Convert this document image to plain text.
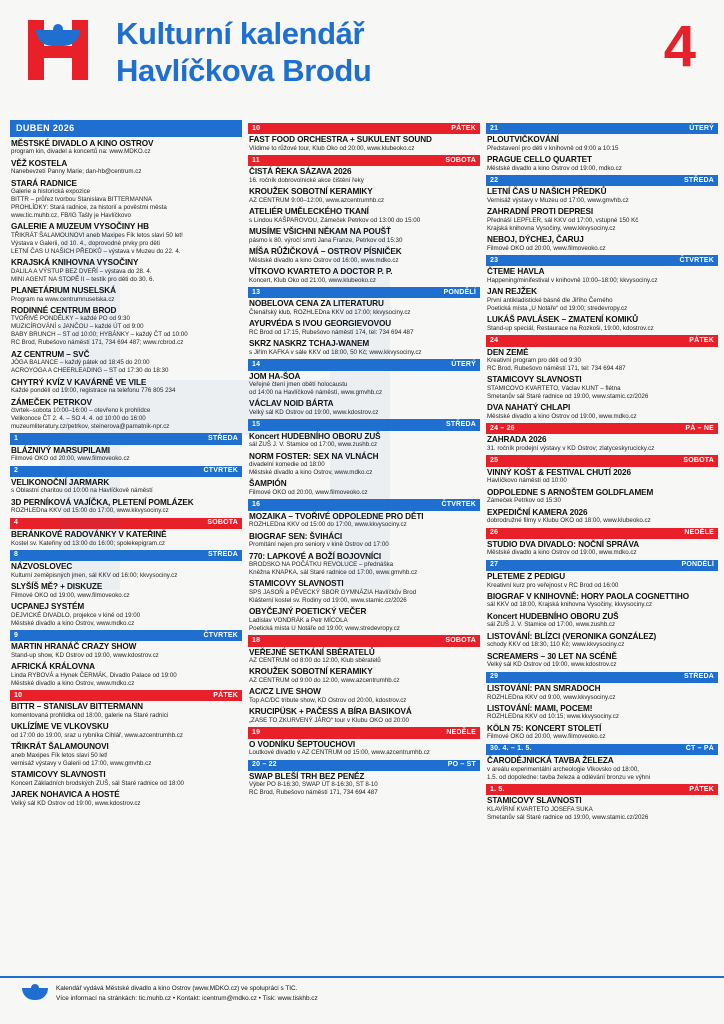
Kulturní kalendář
Havlíčkova Brodu	4
DUBEN 2026
MĚSTSKÉ DIVADLO A KINO OSTROV

program kin, divadel a koncertů na: www.MDKO.cz

VĚŽ KOSTELA

Nanebevzetí Panny Marie; dan-hb@centrum.cz

STARÁ RADNICE

Galerie a historická expozice

BITTR – průřez tvorbou Stanislava BITTERMANNA

PROHLÍDKY: Stará radnice, za historií a pověstmi města

www.tic.muhb.cz, FB/IG Tašly je Havlíčkovo

GALERIE A MUZEUM VYSOČINY HB

TŘIKRÁT ŠALAMOUNOVI aneb Maxipes Fík letos slaví 50 let!

Výstava v Galerii, od 10. 4., doprovodné prvky pro děti

LETNÍ ČAS U NAŠICH PŘEDKŮ – výstava v Muzeu do 22. 4.

KRAJSKÁ KNIHOVNA VYSOČINY

DALILA A VÝSTUP BEZ DVEŘÍ – výstava do 28. 4.

MINI AGENT NA STOPĚ II – testík pro děti do 30. 6.

PLANETÁRIUM NUSELSKÁ

Program na www.centrumnuselska.cz

RODINNÉ CENTRUM BROD

TVOŘIVÉ PONDĚLKY – každé PO od 9:30

MUZICÍROVÁNÍ s JANČOU – každé ÚT od 9:00

BABY BRUNCH – ST od 10:00; HYBÁNKY – každý ČT od 10:00

RC Brod, Rubešovo náměstí 171, 734 694 487; www.rcbrod.cz

AZ CENTRUM – SVČ

JÓGA BALANCE – každý pátek od 18:45 do 20:00

ACROYOGA A CHEERLEADING – ST od 17:30 do 18:30

CHYTRÝ KVÍZ V KAVÁRNĚ VE VILE

Každé pondělí od 19:00, registrace na telefonu 776 805 234

ZÁMEČEK PETRKOV

čtvrtek–sobota 10:00–16:00 – otevřeno k prohlídce

Velikonoce ČT 2. 4. – SO 4. 4. od 10:00 do 16:00

muzeumliteratury.cz/petrkov, steinerova@pamatnik-npr.cz

1	STŘEDA
BLÁZNIVÝ MARSUPILAMI

Filmové OKO od 20:00, www.filmoveoko.cz

2	ČTVRTEK
VELIKONOČNÍ JARMARK

s Oblastní charitou od 10:00 na Havlíčkově náměstí

3D PERNÍKOVÁ VAJÍČKA, PLETENÍ POMLÁZEK

ROZHLEDna KKV od 15:00 do 17:00, www.kkvysociny.cz

4	SOBOTA
BERÁNKOVÉ RADOVÁNKY V KATEŘINĚ

Kostel sv. Kateřiny od 13:00 do 16:00; spolekepigram.cz

8	STŘEDA
NÁZVOSLOVEC

Kulturní zeměpisných jmen, sál KKV od 16:00; kkvysociny.cz

SLYŠÍŠ MĚ? + DISKUZE

Filmové OKO od 19:00, www.filmoveoko.cz

UCPANEJ SYSTÉM

DEJVICKÉ DIVADLO, projekce v kině od 19:00

Městské divadlo a kino Ostrov, www.mdko.cz

9	ČTVRTEK
MARTIN HRANÁČ CRAZY SHOW

Stand-up show, KD Ostrov od 19:00, www.kdostrov.cz

AFRICKÁ KRÁLOVNA

Linda RYBOVÁ a Hynek ČERMÁK, Divadlo Palace od 19:00

Městské divadlo a kino Ostrov, www.mdko.cz

10	PÁTEK
BITTR – STANISLAV BITTERMANN

komentovaná prohlídka od 18:00, galerie na Staré radnici

UKLÍZÍME VE VLKOVSKU

od 17:00 do 19:00, sraz u rybníka Cihlář, www.azcentrumhb.cz

TŘIKRÁT ŠALAMOUNOVI

aneb Maxipes Fík letos slaví 50 let!

vernisáž výstavy v Galerii od 17:00, www.gmvhb.cz

STAMICOVY SLAVNOSTI

Koncert Základních brodských ZUŠ, sál Staré radnice od 18:00

JAREK NOHAVICA A HOSTÉ

Velký sál KD Ostrov od 19:00, www.kdostrov.cz

10	PÁTEK
FAST FOOD ORCHESTRA + SUKULENT SOUND

Vlídime to růžové tour, Klub Oko od 20:00, www.klubeoko.cz

11	SOBOTA
ČISTÁ ŘEKA SÁZAVA 2026

16. ročník dobrovolnické akce čištění řeky

KROUŽEK SOBOTNÍ KERAMIKY

AZ CENTRUM 9:00–12:00, www.azcentrumhb.cz

ATELIÉR UMĚLECKÉHO TKANÍ

s Lindou KAŠPAROVOU, Zámeček Petrkov od 13:00 do 15:00

MUSÍME VŠICHNI NĚKAM NA POUŠŤ

pásmo k 80. výročí smrti Jana Franze, Petrkov od 15:30

MÍŠA RŮŽIČKOVÁ – OSTROV PÍSNIČEK

Městské divadlo a kino Ostrov od 16:00, www.mdko.cz

VÍTKOVO KVARTETO A DOCTOR P. P.

Koncert, Klub Oko od 21:00, www.klubeoko.cz

13	PONDĚLÍ
NOBELOVA CENA ZA LITERATURU

Čtenářský klub, ROZHLEDna KKV od 17:00; kkvysociny.cz

AYURVÉDA S IVOU GEORGIEVOVOU

RC Brod od 17:15, Rubešovo náměstí 174, tel: 734 694 487

SKRZ NASKRZ TCHAJ-WANEM

s Jiřím KAFKA v sále KKV od 18:00, 50 Kč; www.kkvysociny.cz

14	ÚTERÝ
JOM HA-ŠOA

Veřejné čtení jmen obětí holocaustu

od 14:00 na Havlíčkově náměstí, www.gmvhb.cz

VÁCLAV NOID BÁRTA

Velký sál KD Ostrov od 19:00, www.kdostrov.cz

15	STŘEDA
Koncert HUDEBNÍHO OBORU ZUŠ

sál ZUŠ J. V. Stamice od 17:00, www.zushb.cz

NORM FOSTER: SEX NA VLNÁCH

divadelní komedie od 18:00

Městské divadlo a kino Ostrov, www.mdko.cz

ŠAMPIÓN

Filmové OKO od 20:00, www.filmoveoko.cz

16	ČTVRTEK
MOZAIKA – TVOŘIVÉ ODPOLEDNE PRO DĚTI

ROZHLEDna KKV od 15:00 do 17:00, www.kkvysociny.cz

BIOGRAF SEN: ŠVIHÁCI

Promítání nejen pro seniory v kině Ostrov od 17:00

770: LAPKOVÉ A BOŽÍ BOJOVNÍCI

BRODSKO NA POČÁTKU REVOLUCE – přednáška

Kněžna KNAPKA, sál Staré radnice od 17:00, www.gmvhb.cz

STAMICOVY SLAVNOSTI

SPS JASOŇ a PĚVECKÝ SBOR GYMNÁZIA Havlíčkův Brod

Klášterní kostel sv. Rodiny od 19:00, www.stamic.cz/2026

OBYČEJNÝ POETICKÝ VEČER

Ladislav VONDRÁK a Petr MÍCOLA

Poetická místa U Notáře od 19:00; www.stredevropy.cz

18	SOBOTA
VEŘEJNÉ SETKÁNÍ SBĚRATELŮ

AZ CENTRUM od 8:00 do 12:00, Klub sběratelů

KROUŽEK SOBOTNÍ KERAMIKY

AZ CENTRUM od 9:00 do 12:00, www.azcentrumhb.cz

AC/CZ LIVE SHOW

Top AC/DC tribute show, KD Ostrov od 20:00, kdostrov.cz

KRUCIPÜSK + PAČESS A BÍRA BASIKOVÁ

„ZASE TO ZKURVENÝ JÁRO“ tour v Klubu OKO od 20:00

19	NEDĚLE
O VODNÍKU ŠEPTOUCHOVI

Loutkové divadlo v AZ CENTRUM od 15:00, www.azcentrumhb.cz

20 – 22	PO – ST
SWAP BLEŠÍ TRH BEZ PENĚZ

Výběr PO 8-16:30, SWAP ÚT 8-16:30, ST 8-10

RC Brod, Rubešovo náměstí 171, 734 694 487

21	ÚTERÝ
PLOUTVIČKOVÁNÍ

Představení pro děti v knihovně od 9:00 a 10:15

PRAGUE CELLO QUARTET

Městské divadlo a kino Ostrov od 19:00, mdko.cz

22	STŘEDA
LETNÍ ČAS U NAŠICH PŘEDKŮ

Vernisáž výstavy v Muzeu od 17:00, www.gmvhb.cz

ZAHRADNÍ PROTI DEPRESI

Přednáší LEPFLER, sál KKV od 17:00, vstupné 150 Kč

Krajská knihovna Vysočiny, www.kkvysociny.cz

NEBOJ, DÝCHEJ, ČARUJ

Filmové OKO od 20:00, www.filmoveoko.cz

23	ČTVRTEK
ČTEME HAVLA

Happening/minifestival v knihovně 10:00–18:00; kkvysociny.cz

JAN REJŽEK

První antikladistické básně dle Jiřího Černého

Poetická místa „U Notáře“ od 19:00; stredevropy.cz

LUKÁŠ PAVLÁSEK – ZMATENÍ KOMIKŮ

Stand-up speciál, Restaurace na Rozkoši, 19:00, kdostrov.cz

24	PÁTEK
DEN ZEMĚ

Kreativní program pro děti od 9:30

RC Brod, Rubešovo náměstí 171, tel: 734 694 487

STAMICOVY SLAVNOSTI

STAMICOVO KVARTETO, Václav KUNT – flétna

Smetanův sál Staré radnice od 19:00, www.stamic.cz/2026

DVA NAHATÝ CHLAPI

Městské divadlo a kino Ostrov od 19:00, www.mdko.cz

24 – 26	PÁ – NE
ZAHRADA 2026

31. ročník prodejní výstavy v KD Ostrov; zlatyceskyrucicky.cz

25	SOBOTA
VINNÝ KOŠT & FESTIVAL CHUTÍ 2026

Havlíčkovo náměstí od 10:00

ODPOLEDNE S ARNOŠTEM GOLDFLAMEM

Zámeček Petrkov od 15:30

EXPEDIČNÍ KAMERA 2026

dobrodružné filmy v Klubu OKO od 18:00, www.klubeoko.cz

26	NEDĚLE
STUDIO DVA DIVADLO: NOČNÍ SPRÁVA

Městské divadlo a kino Ostrov od 19:00, www.mdko.cz

27	PONDĚLÍ
PLETEME Z PEDIGU

Kreativní kurz pro veřejnost v RC Brod od 16:00

BIOGRAF V KNIHOVNĚ: HORY PAOLA COGNETTIHO

sál KKV od 18:00, Krajská knihovna Vysočiny, kkvysociny.cz

Koncert HUDEBNÍHO OBORU ZUŠ

sál ZUŠ J. V. Stamice od 17:00, www.zushb.cz

LISTOVÁNÍ: BLÍZCI (VERONIKA GONZÁLEZ)

schody KKV od 18:30, 110 Kč; www.kkvysociny.cz

SCREAMERS – 30 LET NA SCÉNĚ

Velký sál KD Ostrov od 19:00, www.kdostrov.cz

29	STŘEDA
LISTOVÁNÍ: PAN SMRADOCH

ROZHLEDna KKV od 9:00, www.kkvysociny.cz

LISTOVÁNÍ: MAMI, POCEM!

ROZHLEDna KKV od 10:15; www.kkvysociny.cz

KÖLN 75: KONCERT STOLETÍ

Filmové OKO od 20:00, www.filmoveoko.cz

30. 4. – 1. 5.	ČT – PÁ
ČARODĚJNICKÁ TAVBA ŽELEZA

v areálu experimentální archeologie Vlkovsko od 18:00,

1.5. od dopoledne: tavba železa a odlévání bronzu ve výhni

1. 5.	PÁTEK
STAMICOVY SLAVNOSTI

KLAVÍRNÍ KVARTETO JOSEFA SUKA

Smetanův sál Staré radnice od 19:00, www.stamic.cz/2026

Kalendář vydává Městské divadlo a kino Ostrov (www.MDKO.cz) ve spolupráci s TIC.
Více informací na stránkách: tic.muhb.cz • Kontakt: icentrum@mdko.cz • Tisk: www.tiskhb.cz
